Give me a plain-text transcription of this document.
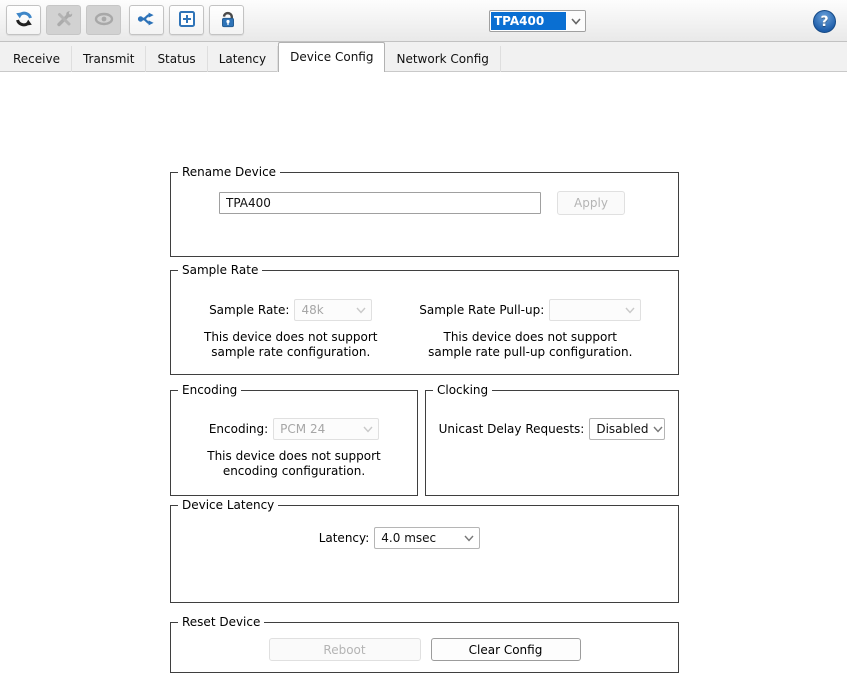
TPA400	?
Receive	Transmit	Status	Latency	Device Config	Network Config
Rename Device
TPA400
Apply
Sample Rate
Sample Rate: 48k
This device does not support
sample rate configuration.
Sample Rate Pull-up:
This device does not support
sample rate pull-up configuration.
Encoding
Encoding: PCM 24
This device does not support
encoding configuration.
Clocking
Unicast Delay Requests: Disabled
Device Latency
Latency: 4.0 msec
Reset Device
Reboot	Clear Config
